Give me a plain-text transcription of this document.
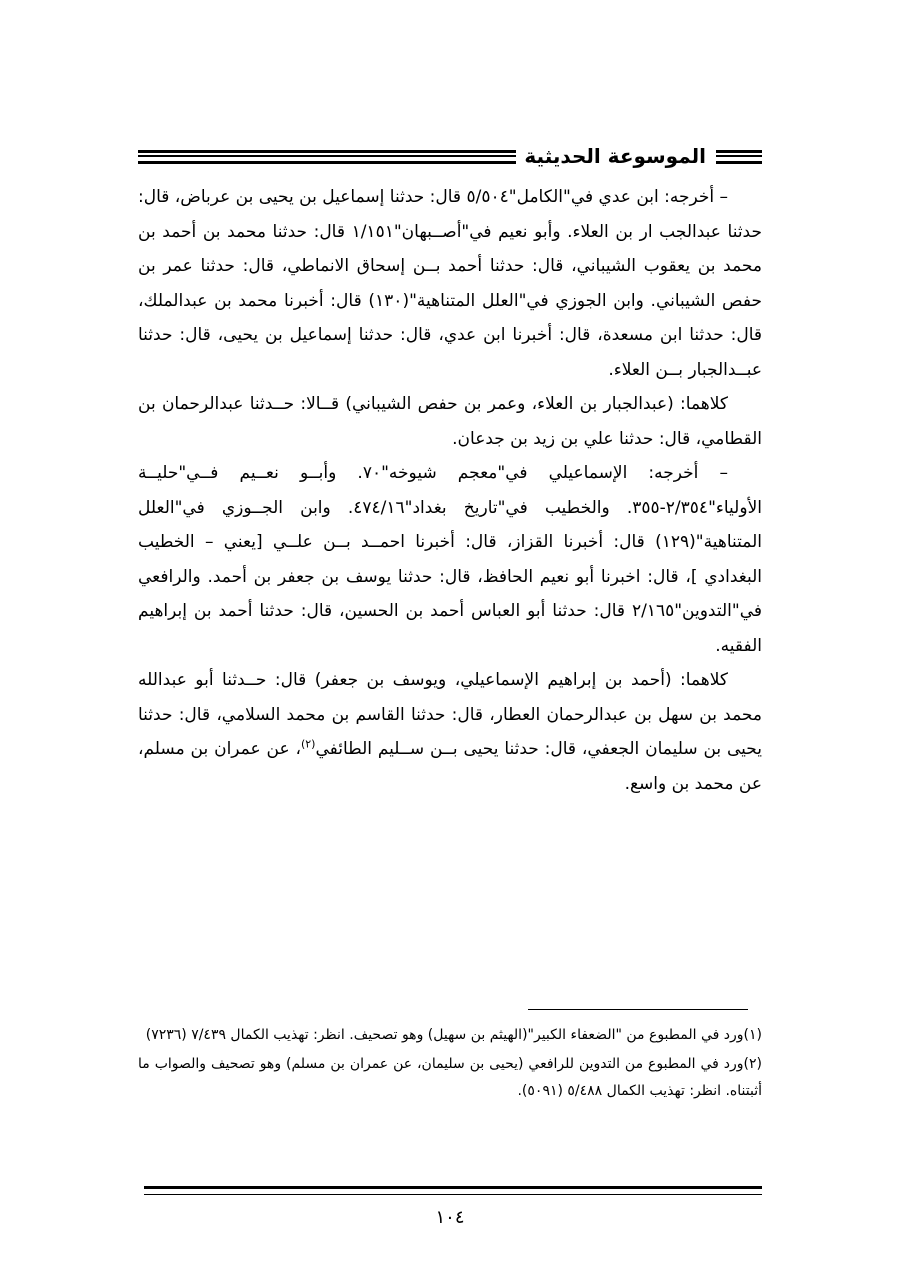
الموسوعة الحديثية

– أخرجه: ابن عدي في"الكامل"٥/٥٠٤ قال: حدثنا إسماعيل بن يحيى بن عرباض، قال: حدثنا عبدالجب ار بن العلاء. وأبو نعيم في"أصــبهان"١/١٥١ قال: حدثنا محمد بن أحمد بن محمد بن يعقوب الشيباني، قال: حدثنا أحمد بــن إسحاق الانماطي، قال: حدثنا عمر بن حفص الشيباني. وابن الجوزي في"العلل المتناهية"(١٣٠) قال: أخبرنا محمد بن عبدالملك، قال: حدثنا ابن مسعدة، قال: أخبرنا ابن عدي، قال: حدثنا إسماعيل بن يحيى، قال: حدثنا عبــدالجبار بــن العلاء.

كلاهما: (عبدالجبار بن العلاء، وعمر بن حفص الشيباني) قــالا: حــدثنا عبدالرحمان بن القطامي، قال: حدثنا علي بن زيد بن جدعان.

– أخرجه: الإسماعيلي في"معجم شيوخه"٧٠. وأبــو نعــيم فــي"حليــة الأولياء"٢/٣٥٤-٣٥٥. والخطيب في"تاريخ بغداد"٤٧٤/١٦. وابن الجــوزي في"العلل المتناهية"(١٢٩) قال: أخبرنا القزاز، قال: أخبرنا احمــد بــن علــي [يعني – الخطيب البغدادي ]، قال: اخبرنا أبو نعيم الحافظ، قال: حدثنا يوسف بن جعفر بن أحمد. والرافعي في"التدوين"٢/١٦٥ قال: حدثنا أبو العباس أحمد بن الحسين، قال: حدثنا أحمد بن إبراهيم الفقيه.

كلاهما: (أحمد بن إبراهيم الإسماعيلي، ويوسف بن جعفر) قال: حــدثنا أبو عبدالله محمد بن سهل بن عبدالرحمان العطار، قال: حدثنا القاسم بن محمد السلامي، قال: حدثنا يحيى بن سليمان الجعفي، قال: حدثنا يحيى بــن ســليم الطائفي$^{(٢)}$، عن عمران بن مسلم، عن محمد بن واسع.

(١)ورد في المطبوع من "الضعفاء الكبير"(الهيثم بن سهيل) وهو تصحيف. انظر: تهذيب الكمال ٧/٤٣٩ (٧٢٣٦)

(٢)ورد في المطبوع من التدوين للرافعي (يحيى بن سليمان، عن عمران بن مسلم) وهو تصحيف والصواب ما أثبتناه. انظر: تهذيب الكمال ٥/٤٨٨ (٥٠٩١).

١٠٤
